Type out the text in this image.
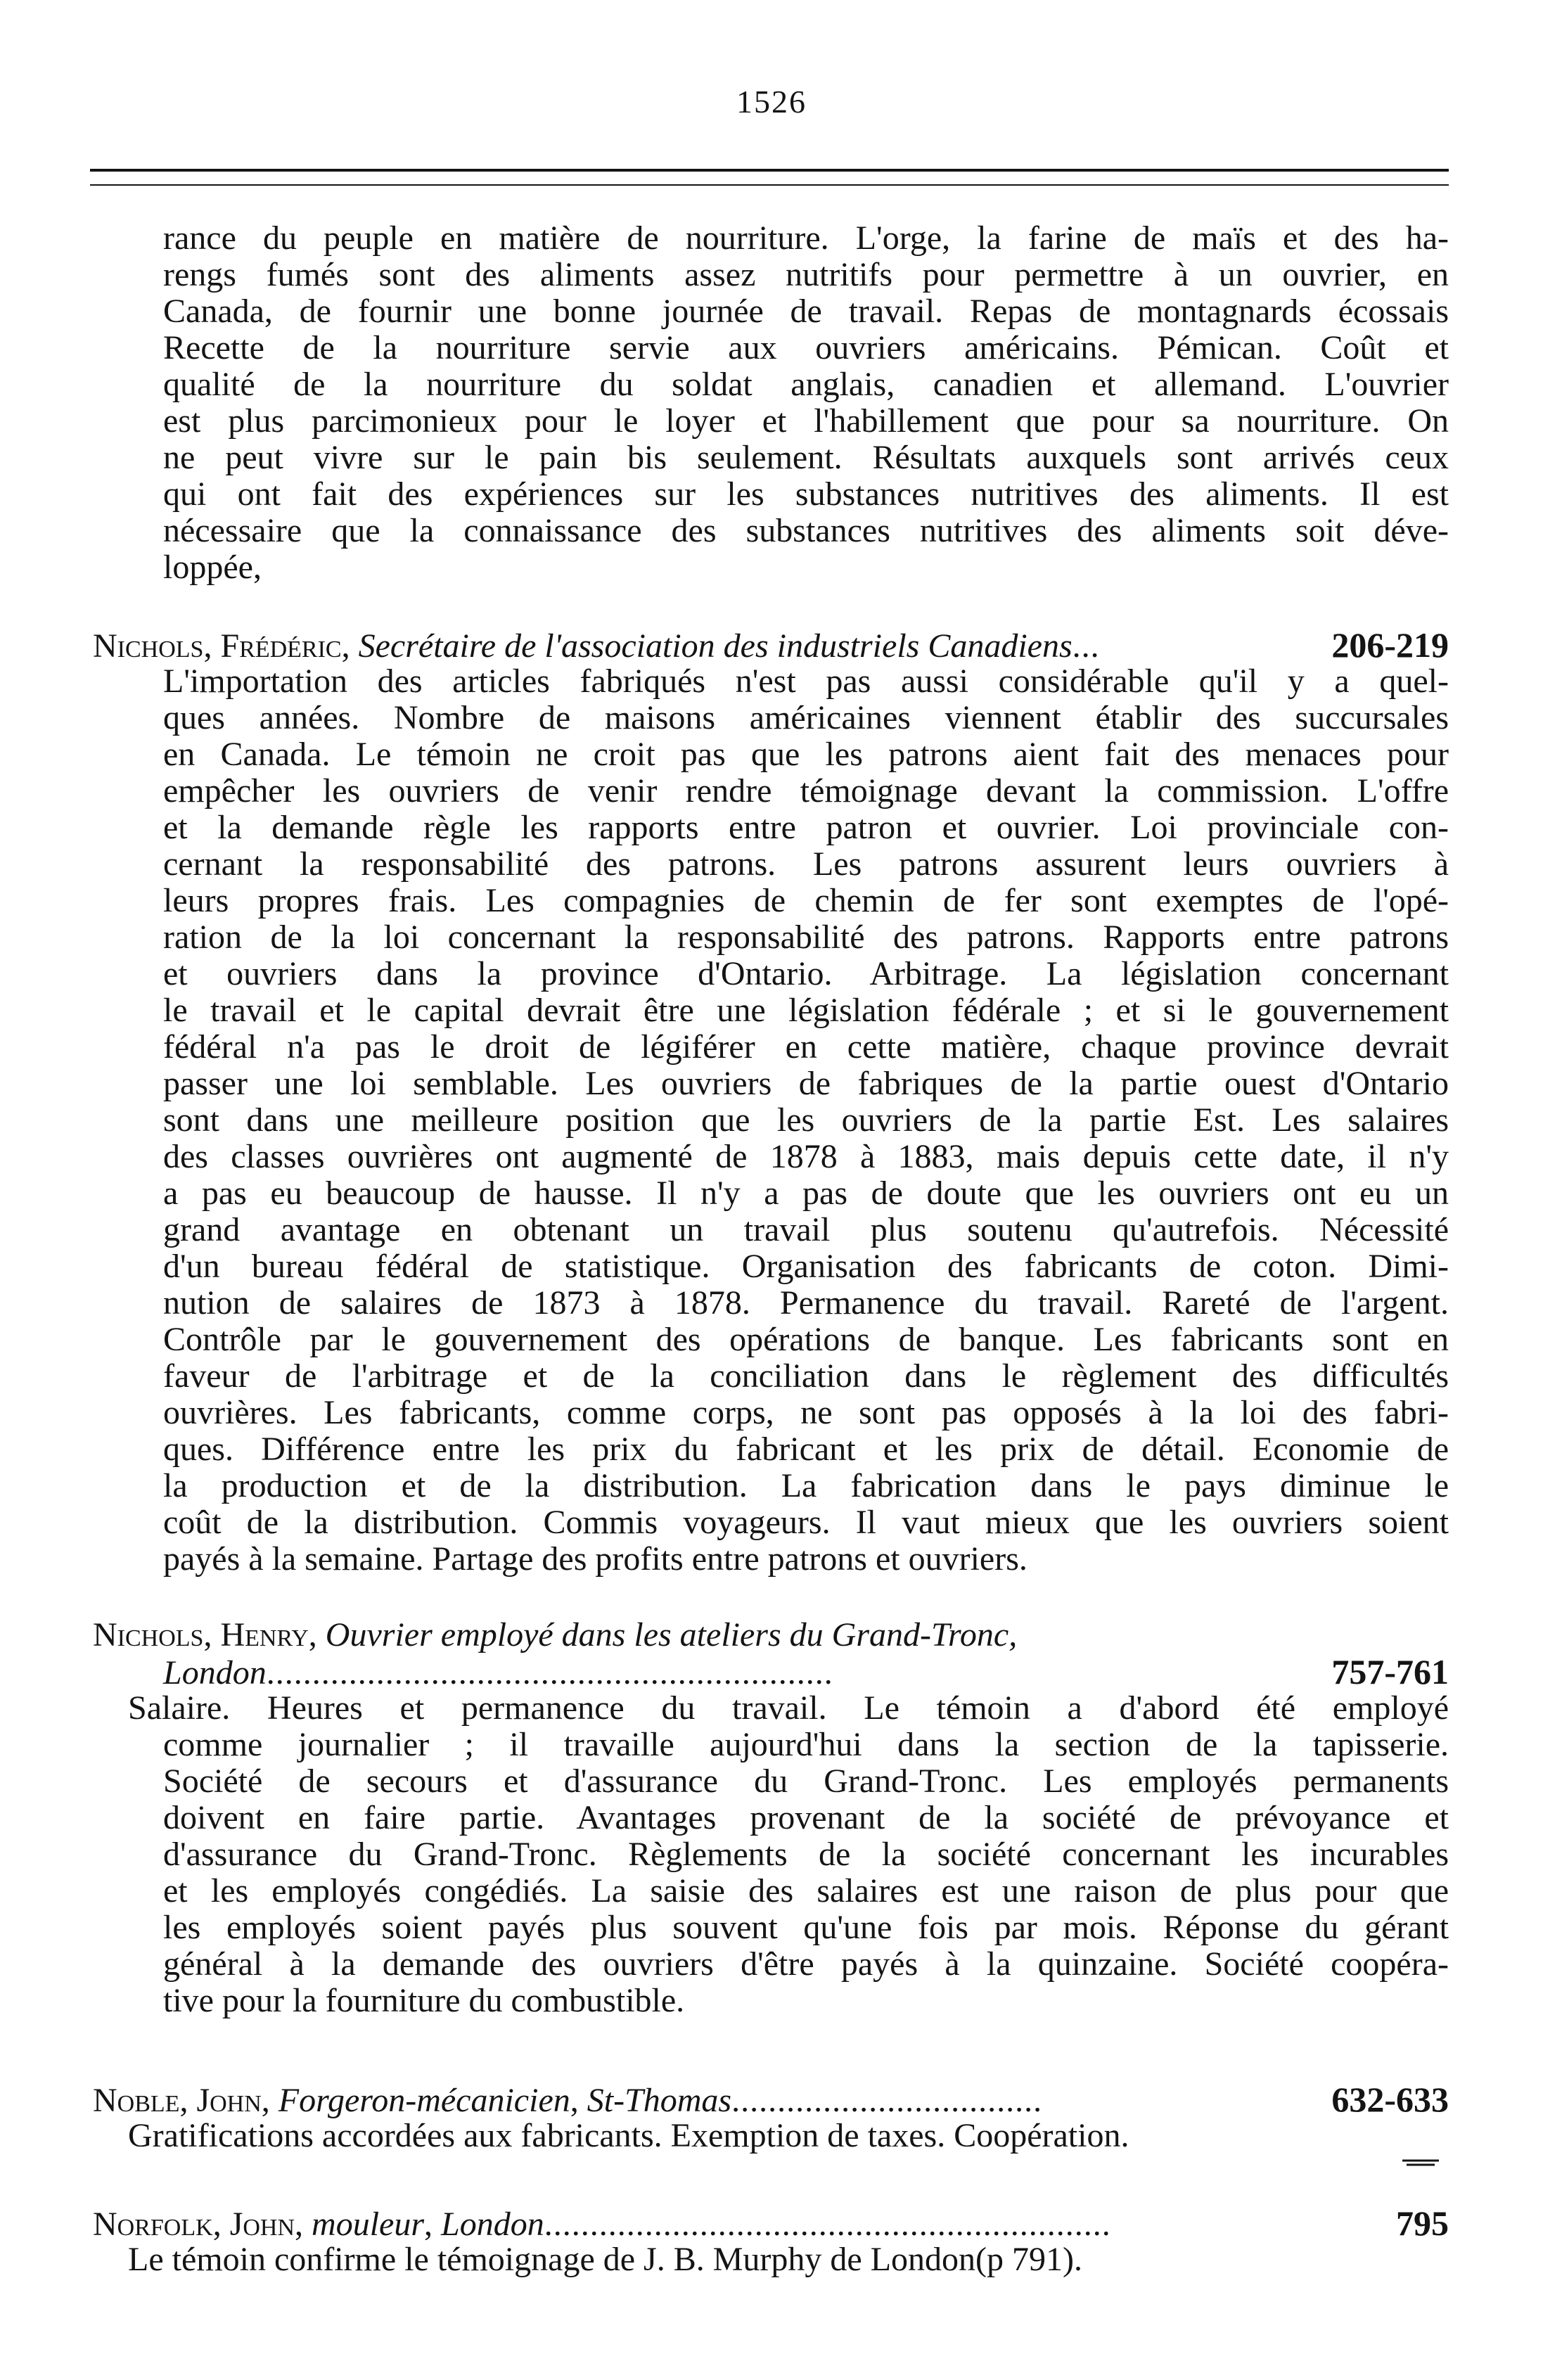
1526
rance du peuple en matière de nourriture. L'orge, la farine de maïs et des ha-
rengs fumés sont des aliments assez nutritifs pour permettre à un ouvrier, en
Canada, de fournir une bonne journée de travail. Repas de montagnards écossais
Recette de la nourriture servie aux ouvriers américains. Pémican. Coût et
qualité de la nourriture du soldat anglais, canadien et allemand. L'ouvrier
est plus parcimonieux pour le loyer et l'habillement que pour sa nourriture. On
ne peut vivre sur le pain bis seulement. Résultats auxquels sont arrivés ceux
qui ont fait des expériences sur les substances nutritives des aliments. Il est
nécessaire que la connaissance des substances nutritives des aliments soit déve-
loppée,
Nichols , Frédéric , Secrétaire de l'association des industriels Canadiens ...	206-219
L'importation des articles fabriqués n'est pas aussi considérable qu'il y a quel-
ques années. Nombre de maisons américaines viennent établir des succursales
en Canada. Le témoin ne croit pas que les patrons aient fait des menaces pour
empêcher les ouvriers de venir rendre témoignage devant la commission. L'offre
et la demande règle les rapports entre patron et ouvrier. Loi provinciale con-
cernant la responsabilité des patrons. Les patrons assurent leurs ouvriers à
leurs propres frais. Les compagnies de chemin de fer sont exemptes de l'opé-
ration de la loi concernant la responsabilité des patrons. Rapports entre patrons
et ouvriers dans la province d'Ontario. Arbitrage. La législation concernant
le travail et le capital devrait être une législation fédérale ; et si le gouvernement
fédéral n'a pas le droit de légiférer en cette matière, chaque province devrait
passer une loi semblable. Les ouvriers de fabriques de la partie ouest d'Ontario
sont dans une meilleure position que les ouvriers de la partie Est. Les salaires
des classes ouvrières ont augmenté de 1878 à 1883, mais depuis cette date, il n'y
a pas eu beaucoup de hausse. Il n'y a pas de doute que les ouvriers ont eu un
grand avantage en obtenant un travail plus soutenu qu'autrefois. Nécessité
d'un bureau fédéral de statistique. Organisation des fabricants de coton. Dimi-
nution de salaires de 1873 à 1878. Permanence du travail. Rareté de l'argent.
Contrôle par le gouvernement des opérations de banque. Les fabricants sont en
faveur de l'arbitrage et de la conciliation dans le règlement des difficultés
ouvrières. Les fabricants, comme corps, ne sont pas opposés à la loi des fabri-
ques. Différence entre les prix du fabricant et les prix de détail. Economie de
la production et de la distribution. La fabrication dans le pays diminue le
coût de la distribution. Commis voyageurs. Il vaut mieux que les ouvriers soient
payés à la semaine. Partage des profits entre patrons et ouvriers.
Nichols, Henry, Ouvrier employé dans les ateliers du Grand-Tronc,
London ..............................................................	757-761
Salaire. Heures et permanence du travail. Le témoin a d'abord été employé
comme journalier ; il travaille aujourd'hui dans la section de la tapisserie.
Société de secours et d'assurance du Grand-Tronc. Les employés permanents
doivent en faire partie. Avantages provenant de la société de prévoyance et
d'assurance du Grand-Tronc. Règlements de la société concernant les incurables
et les employés congédiés. La saisie des salaires est une raison de plus pour que
les employés soient payés plus souvent qu'une fois par mois. Réponse du gérant
général à la demande des ouvriers d'être payés à la quinzaine. Société coopéra-
tive pour la fourniture du combustible.
Noble , John , Forgeron-mécanicien , St-Thomas ..................................	632-633
Gratifications accordées aux fabricants. Exemption de taxes. Coopération.
Norfolk , John , mouleur , London ..............................................................	795
Le témoin confirme le témoignage de J. B. Murphy de London(p 791).
